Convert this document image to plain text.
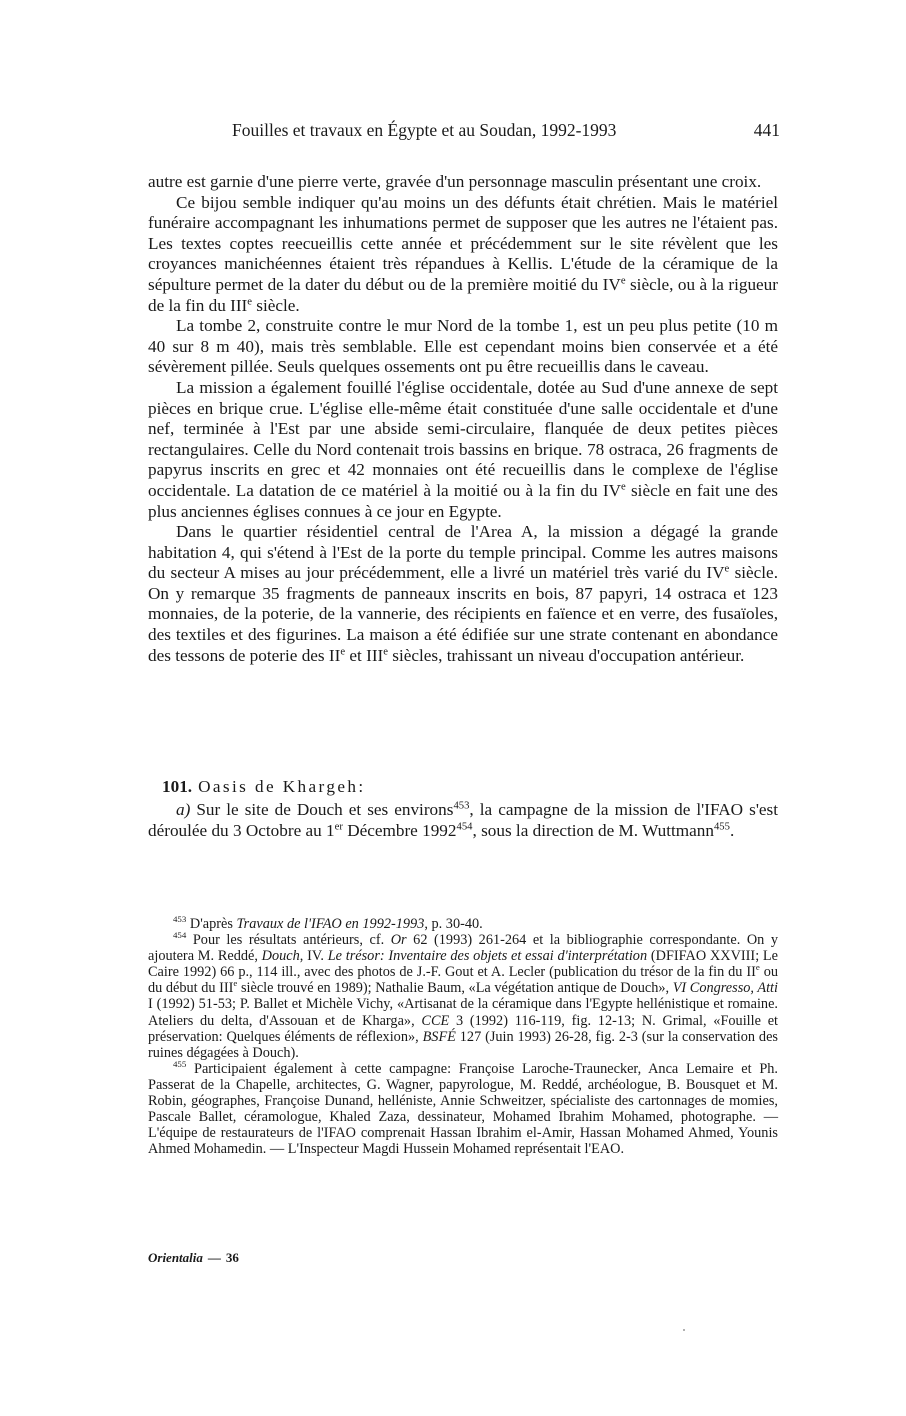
Fouilles et travaux en Égypte et au Soudan, 1992-1993	441

autre est garnie d'une pierre verte, gravée d'un personnage masculin présentant une croix.

Ce bijou semble indiquer qu'au moins un des défunts était chrétien. Mais le matériel funéraire accompagnant les inhumations permet de supposer que les autres ne l'étaient pas. Les textes coptes reecueillis cette année et précédemment sur le site révèlent que les croyances manichéennes étaient très répandues à Kellis. L'étude de la céramique de la sépulture permet de la dater du début ou de la première moitié du IVe siècle, ou à la rigueur de la fin du IIIe siècle.

La tombe 2, construite contre le mur Nord de la tombe 1, est un peu plus petite (10 m 40 sur 8 m 40), mais très semblable. Elle est cependant moins bien conservée et a été sévèrement pillée. Seuls quelques ossements ont pu être recueillis dans le caveau.

La mission a également fouillé l'église occidentale, dotée au Sud d'une annexe de sept pièces en brique crue. L'église elle-même était constituée d'une salle occidentale et d'une nef, terminée à l'Est par une abside semi-circulaire, flanquée de deux petites pièces rectangulaires. Celle du Nord contenait trois bassins en brique. 78 ostraca, 26 fragments de papyrus inscrits en grec et 42 monnaies ont été recueillis dans le complexe de l'église occidentale. La datation de ce matériel à la moitié ou à la fin du IVe siècle en fait une des plus anciennes églises connues à ce jour en Egypte.

Dans le quartier résidentiel central de l'Area A, la mission a dégagé la grande habitation 4, qui s'étend à l'Est de la porte du temple principal. Comme les autres maisons du secteur A mises au jour précédemment, elle a livré un matériel très varié du IVe siècle. On y remarque 35 fragments de panneaux inscrits en bois, 87 papyri, 14 ostraca et 123 monnaies, de la poterie, de la vannerie, des récipients en faïence et en verre, des fusaïoles, des textiles et des figurines. La maison a été édifiée sur une strate contenant en abondance des tessons de poterie des IIe et IIIe siècles, trahissant un niveau d'occupation antérieur.

101. Oasis de Khargeh:

a) Sur le site de Douch et ses environs$^{453}$, la campagne de la mission de l'IFAO s'est déroulée du 3 Octobre au 1er Décembre 1992$^{454}$, sous la direction de M. Wuttmann$^{455}$.

$^{453}$ D'après Travaux de l'IFAO en 1992-1993, p. 30-40.

$^{454}$ Pour les résultats antérieurs, cf. Or 62 (1993) 261-264 et la bibliographie correspondante. On y ajoutera M. Reddé, Douch, IV. Le trésor: Inventaire des objets et essai d'interprétation (DFIFAO XXVIII; Le Caire 1992) 66 p., 114 ill., avec des photos de J.-F. Gout et A. Lecler (publication du trésor de la fin du IIe ou du début du IIIe siècle trouvé en 1989); Nathalie Baum, «La végétation antique de Douch», VI Congresso, Atti I (1992) 51-53; P. Ballet et Michèle Vichy, «Artisanat de la céramique dans l'Egypte hellénistique et romaine. Ateliers du delta, d'Assouan et de Kharga», CCE 3 (1992) 116-119, fig. 12-13; N. Grimal, «Fouille et préservation: Quelques éléments de réflexion», BSFÉ 127 (Juin 1993) 26-28, fig. 2-3 (sur la conservation des ruines dégagées à Douch).

$^{455}$ Participaient également à cette campagne: Françoise Laroche-Traunecker, Anca Lemaire et Ph. Passerat de la Chapelle, architectes, G. Wagner, papyrologue, M. Reddé, archéologue, B. Bousquet et M. Robin, géographes, Françoise Dunand, helléniste, Annie Schweitzer, spécialiste des cartonnages de momies, Pascale Ballet, céramologue, Khaled Zaza, dessinateur, Mohamed Ibrahim Mohamed, photographe. — L'équipe de restaurateurs de l'IFAO comprenait Hassan Ibrahim el-Amir, Hassan Mohamed Ahmed, Younis Ahmed Mohamedin. — L'Inspecteur Magdi Hussein Mohamed représentait l'EAO.

Orientalia — 36
